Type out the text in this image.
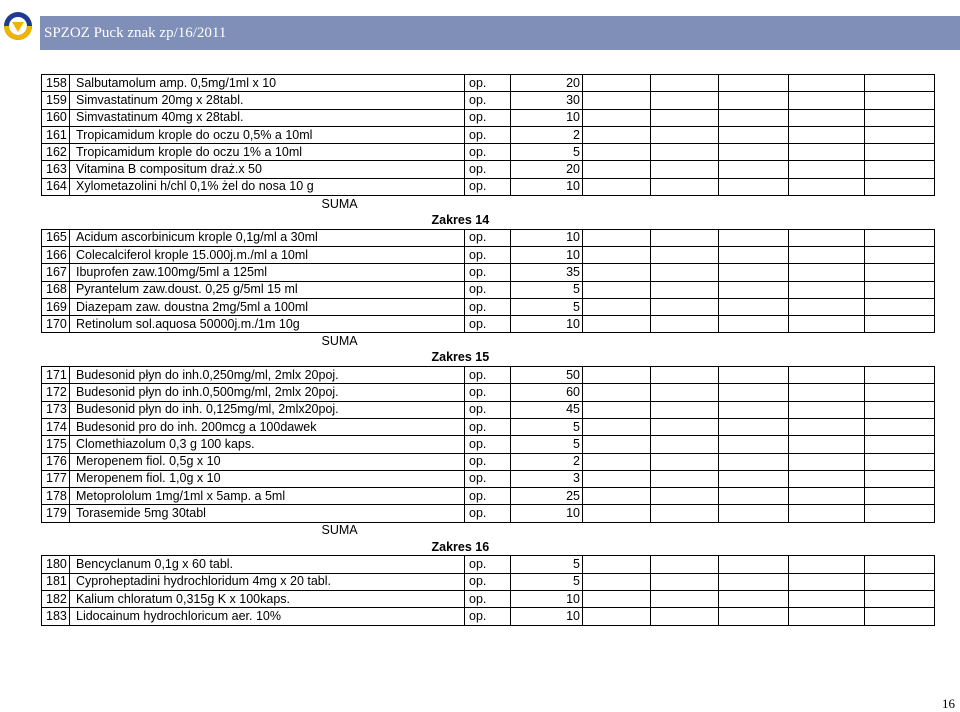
SPZOZ Puck znak zp/16/2011
158	Salbutamolum amp. 0,5mg/1ml x 10	op.	20					
159	Simvastatinum 20mg x 28tabl.	op.	30					
160	Simvastatinum 40mg x 28tabl.	op.	10					
161	Tropicamidum krople do oczu 0,5% a 10ml	op.	2					
162	Tropicamidum krople do oczu 1% a 10ml	op.	5					
163	Vitamina B compositum draż.x 50	op.	20					
164	Xylometazolini h/chl 0,1% żel do nosa 10 g	op.	10					
SUMA								
Zakres 14								
165	Acidum ascorbinicum krople 0,1g/ml a 30ml	op.	10					
166	Colecalciferol krople 15.000j.m./ml a 10ml	op.	10					
167	Ibuprofen zaw.100mg/5ml a 125ml	op.	35					
168	Pyrantelum zaw.doust. 0,25 g/5ml 15 ml	op.	5					
169	Diazepam zaw. doustna 2mg/5ml a 100ml	op.	5					
170	Retinolum sol.aquosa 50000j.m./1m 10g	op.	10					
SUMA								
Zakres 15								
171	Budesonid płyn do inh.0,250mg/ml, 2mlx 20poj.	op.	50					
172	Budesonid płyn do inh.0,500mg/ml, 2mlx 20poj.	op.	60					
173	Budesonid płyn do inh. 0,125mg/ml, 2mlx20poj.	op.	45					
174	Budesonid pro do inh. 200mcg a 100dawek	op.	5					
175	Clomethiazolum 0,3 g 100 kaps.	op.	5					
176	Meropenem fiol. 0,5g x 10	op.	2					
177	Meropenem fiol. 1,0g x 10	op.	3					
178	Metoprololum 1mg/1ml x 5amp. a 5ml	op.	25					
179	Torasemide 5mg 30tabl	op.	10					
SUMA								
Zakres 16								
180	Bencyclanum 0,1g x 60 tabl.	op.	5					
181	Cyproheptadini hydrochloridum 4mg x 20 tabl.	op.	5					
182	Kalium chloratum 0,315g K x 100kaps.	op.	10					
183	Lidocainum hydrochloricum aer. 10%	op.	10					
16
